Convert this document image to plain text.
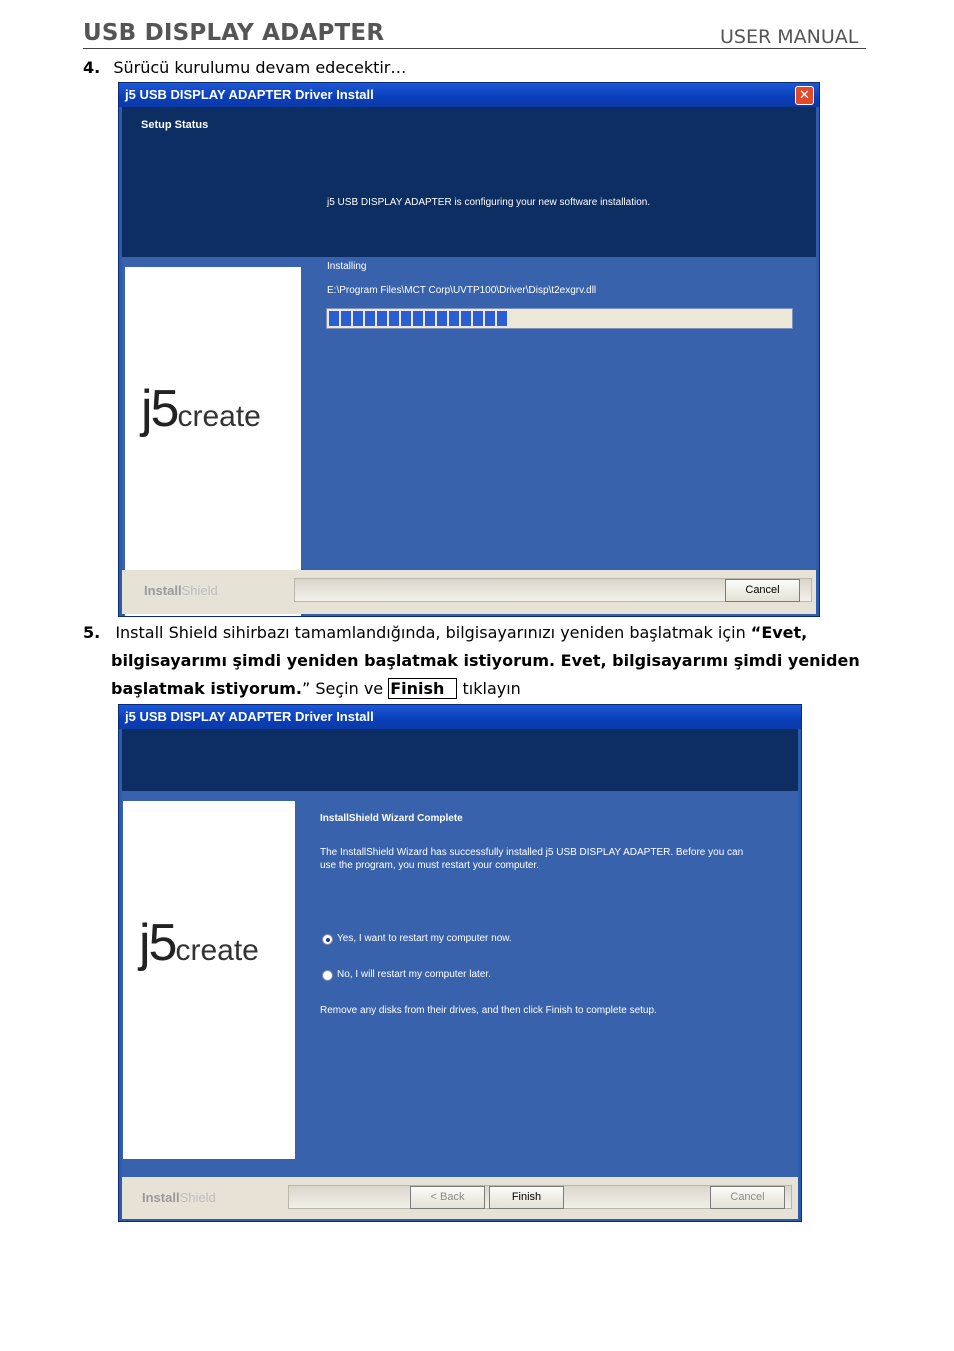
USB DISPLAY ADAPTER	USER MANUAL
4. Sürücü kurulumu devam edecektir…
j5 USB DISPLAY ADAPTER Driver Install	✕
Setup Status
j5create
j5 USB DISPLAY ADAPTER is configuring your new software installation.
Installing
E:\Program Files\MCT Corp\UVTP100\Driver\Disp\t2exgrv.dll
InstallShield	Cancel
5. Install Shield sihirbazı tamamlandığında, bilgisayarınızı yeniden başlatmak için “Evet,
bilgisayarımı şimdi yeniden başlatmak istiyorum. Evet, bilgisayarımı şimdi yeniden
başlatmak istiyorum.” Seçin ve Finish tıklayın
j5 USB DISPLAY ADAPTER Driver Install
j5create
InstallShield Wizard Complete
The InstallShield Wizard has successfully installed j5 USB DISPLAY ADAPTER. Before you can
use the program, you must restart your computer.
Yes, I want to restart my computer now.
No, I will restart my computer later.
Remove any disks from their drives, and then click Finish to complete setup.
InstallShield	< Back	Finish	Cancel
